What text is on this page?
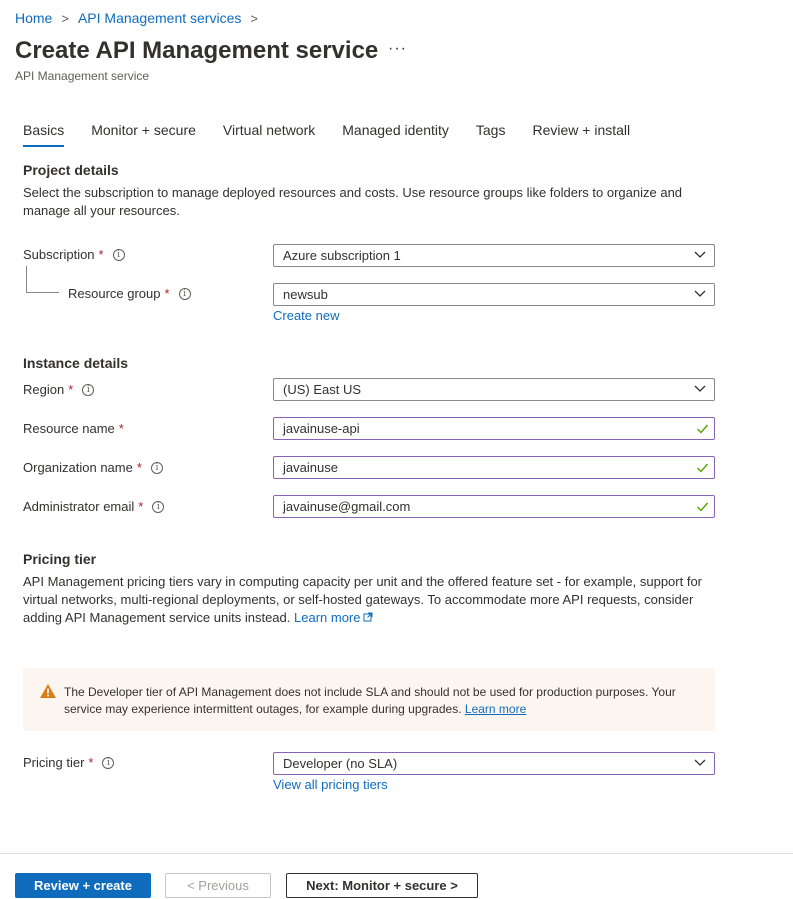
Home > API Management services >
Create API Management service ···
API Management service
Basics Monitor + secure Virtual network Managed identity Tags Review + install
Project details
Select the subscription to manage deployed resources and costs. Use resource groups like folders to organize and
manage all your resources.
Subscription *	i	Azure subscription 1
Resource group *	i	newsub
Create new
Instance details
Region *	i	(US) East US
Resource name *	javainuse-api
Organization name *	i	javainuse
Administrator email *	i	javainuse@gmail.com
Pricing tier
API Management pricing tiers vary in computing capacity per unit and the offered feature set - for example, support for
virtual networks, multi-regional deployments, or self-hosted gateways. To accommodate more API requests, consider
adding API Management service units instead. Learn more
The Developer tier of API Management does not include SLA and should not be used for production purposes. Your
service may experience intermittent outages, for example during upgrades. Learn more
Pricing tier *	i	Developer (no SLA)
View all pricing tiers
Review + create	< Previous	Next: Monitor + secure >
